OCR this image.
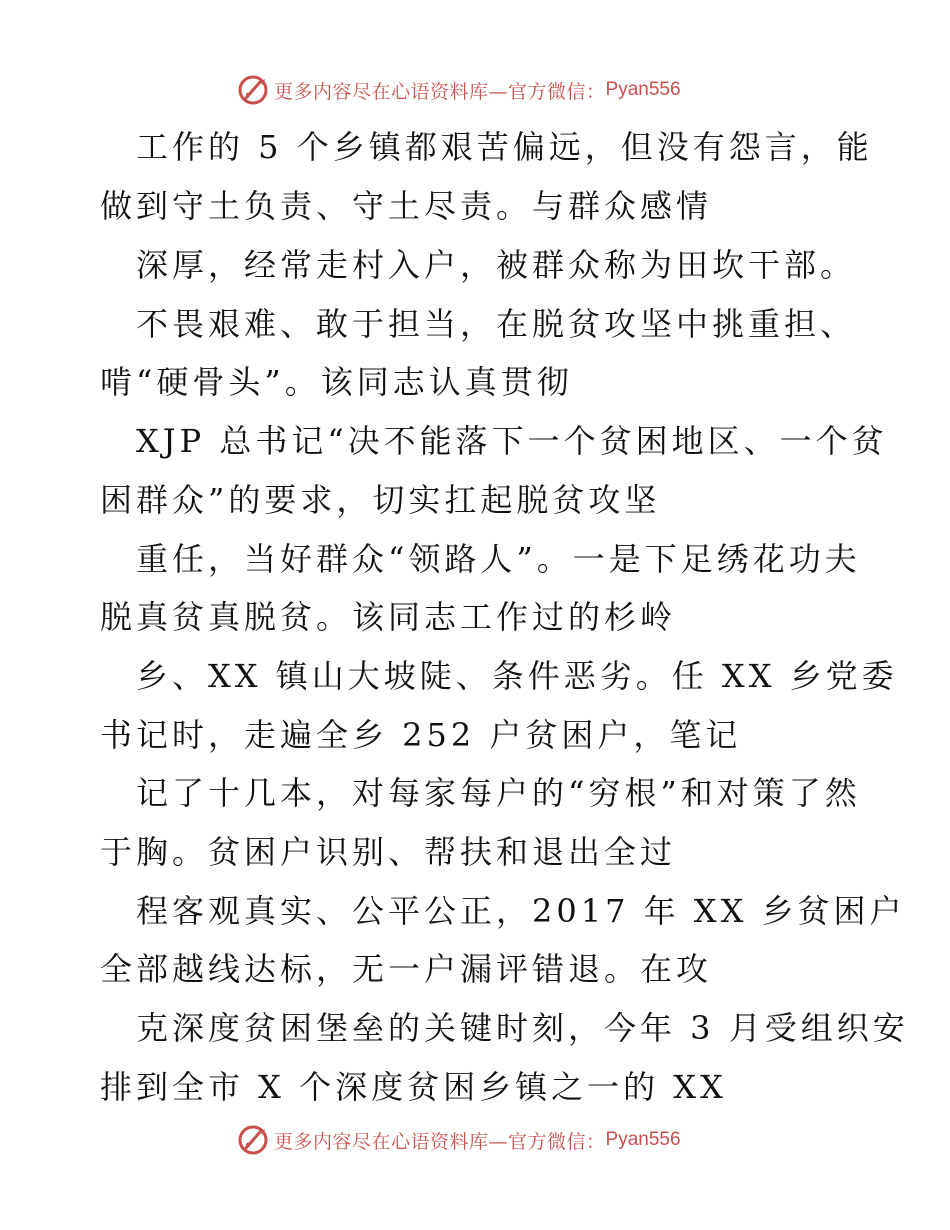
更多内容尽在心语资料库—官方微信： Pyan556
工作的 5 个乡镇都艰苦偏远，但没有怨言，能
做到守土负责、守土尽责。与群众感情
深厚，经常走村入户，被群众称为田坎干部。
不畏艰难、敢于担当，在脱贫攻坚中挑重担、
啃“硬骨头”。该同志认真贯彻
XJP 总书记“决不能落下一个贫困地区、一个贫
困群众”的要求，切实扛起脱贫攻坚
重任，当好群众“领路人”。一是下足绣花功夫
脱真贫真脱贫。该同志工作过的杉岭
乡、XX 镇山大坡陡、条件恶劣。任 XX 乡党委
书记时，走遍全乡 252 户贫困户，笔记
记了十几本，对每家每户的“穷根”和对策了然
于胸。贫困户识别、帮扶和退出全过
程客观真实、公平公正，2017 年 XX 乡贫困户
全部越线达标，无一户漏评错退。在攻
克深度贫困堡垒的关键时刻，今年 3 月受组织安
排到全市 X 个深度贫困乡镇之一的 XX
更多内容尽在心语资料库—官方微信： Pyan556
